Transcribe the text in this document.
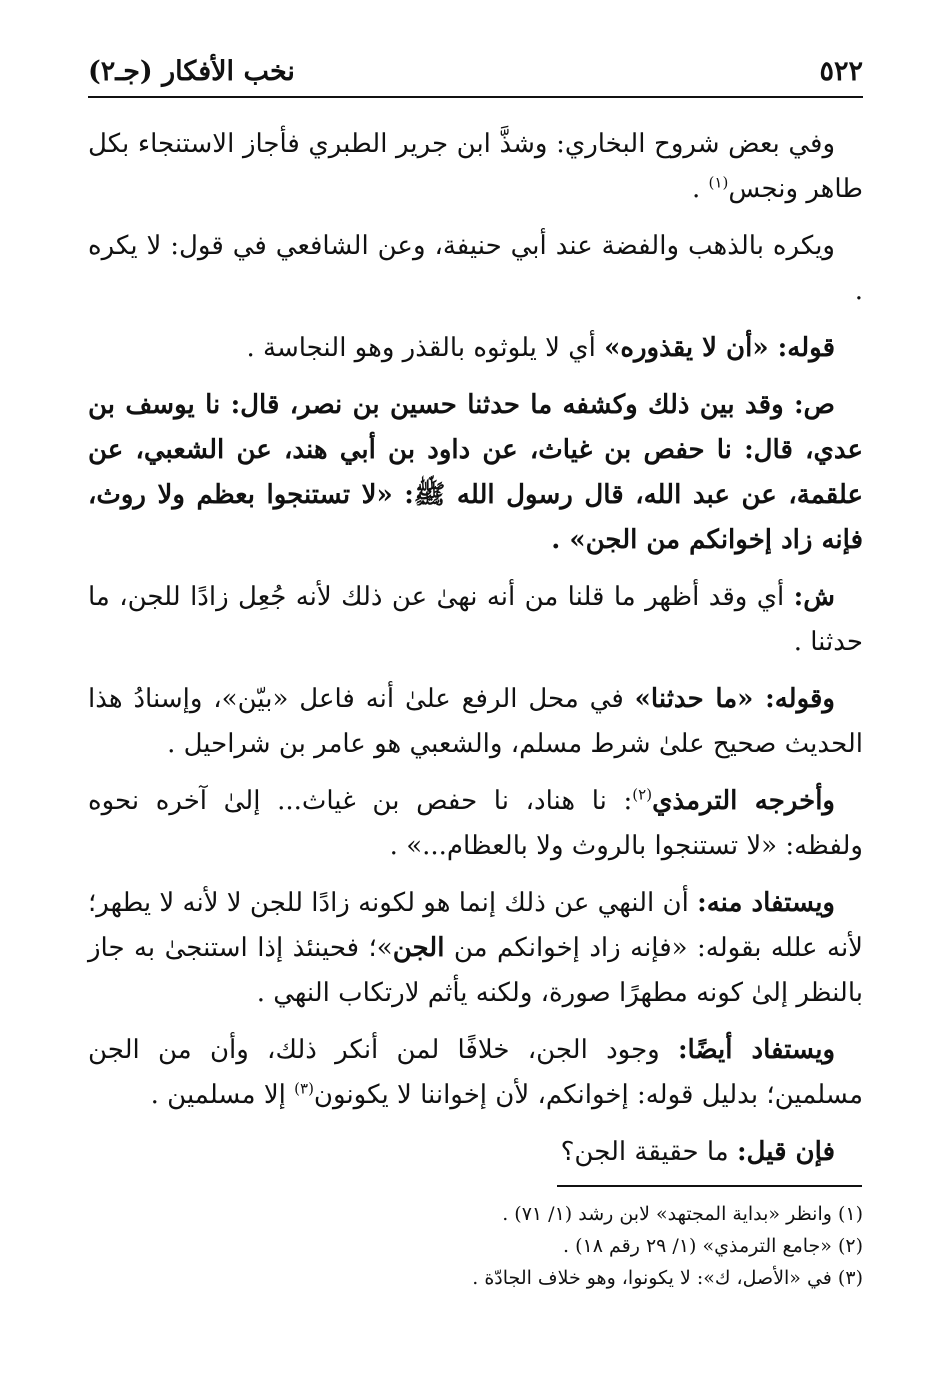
٥٢٢
نخب الأفكار (جـ٢)

وفي بعض شروح البخاري: وشذَّ ابن جرير الطبري فأجاز الاستنجاء بكل طاهر ونجس$^{(١)}$ .

ويكره بالذهب والفضة عند أبي حنيفة، وعن الشافعي في قول: لا يكره .

قوله: «أن لا يقذوره» أي لا يلوثوه بالقذر وهو النجاسة .

ص: وقد بين ذلك وكشفه ما حدثنا حسين بن نصر، قال: نا يوسف بن عدي، قال: نا حفص بن غياث، عن داود بن أبي هند، عن الشعبي، عن علقمة، عن عبد الله، قال رسول الله ﷺ: «لا تستنجوا بعظم ولا روث، فإنه زاد إخوانكم من الجن» .

ش: أي وقد أظهر ما قلنا من أنه نهىٰ عن ذلك لأنه جُعِل زادًا للجن، ما حدثنا .

وقوله: «ما حدثنا» في محل الرفع علىٰ أنه فاعل «بيّن»، وإسنادُ هذا الحديث صحيح علىٰ شرط مسلم، والشعبي هو عامر بن شراحيل .

وأخرجه الترمذي$^{(٢)}$: نا هناد، نا حفص بن غياث... إلىٰ آخره نحوه ولفظه: «لا تستنجوا بالروث ولا بالعظام...» .

ويستفاد منه: أن النهي عن ذلك إنما هو لكونه زادًا للجن لا لأنه لا يطهر؛ لأنه علله بقوله: «فإنه زاد إخوانكم من الجن»؛ فحينئذ إذا استنجىٰ به جاز بالنظر إلىٰ كونه مطهرًا صورة، ولكنه يأثم لارتكاب النهي .

ويستفاد أيضًا: وجود الجن، خلافًا لمن أنكر ذلك، وأن من الجن مسلمين؛ بدليل قوله: إخوانكم، لأن إخواننا لا يكونون$^{(٣)}$ إلا مسلمين .

فإن قيل: ما حقيقة الجن؟

(١) وانظر «بداية المجتهد» لابن رشد (١/ ٧١) .
(٢) «جامع الترمذي» (١/ ٢٩ رقم ١٨) .
(٣) في «الأصل، ك»: لا يكونوا، وهو خلاف الجادّة .
